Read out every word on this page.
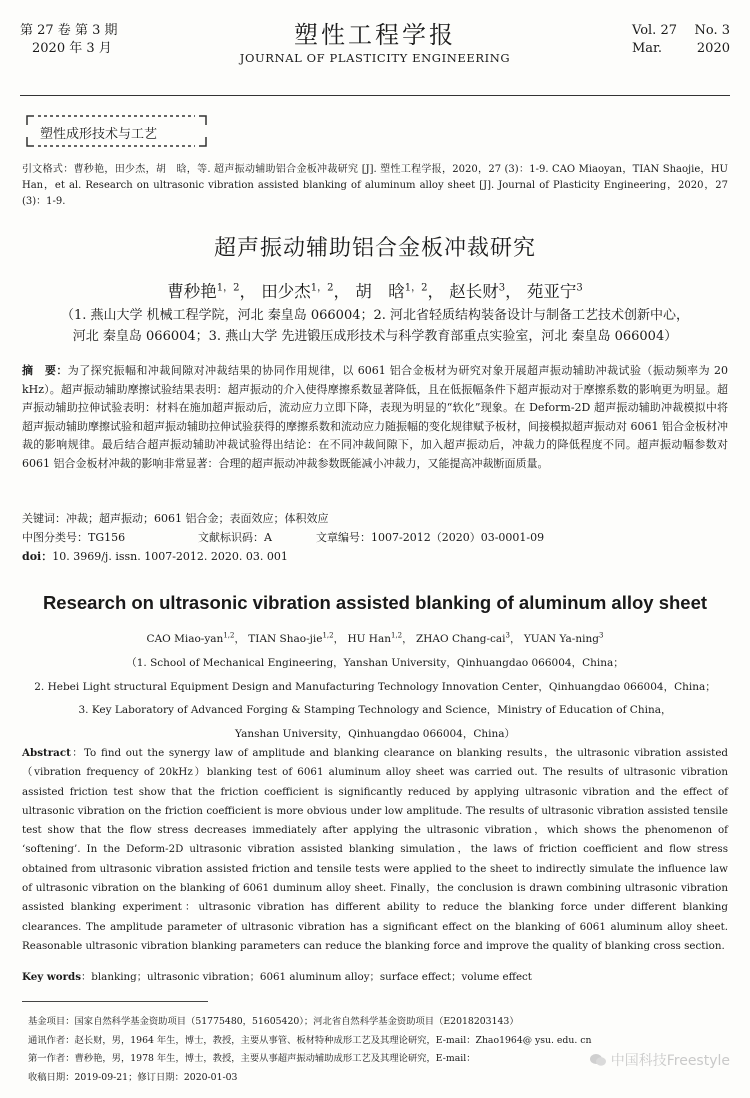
第 27 卷 第 3 期
2020 年 3 月	塑性工程学报
JOURNAL OF PLASTICITY ENGINEERING
Vol. 27 No. 3
Mar.	2020
塑性成形技术与工艺
引文格式：曹秒艳，田少杰，胡　晗，等. 超声振动辅助铝合金板冲裁研究 [J]. 塑性工程学报，2020，27 (3)：1-9. CAO Miaoyan，TIAN Shaojie，HU Han，et al. Research on ultrasonic vibration assisted blanking of aluminum alloy sheet [J]. Journal of Plasticity Engineering，2020，27 (3)：1-9.
超声振动辅助铝合金板冲裁研究
曹秒艳$^{1,2}$， 田少杰$^{1,2}$， 胡　晗$^{1,2}$， 赵长财$^3$， 苑亚宁$^3$
（1. 燕山大学 机械工程学院，河北 秦皇岛 066004；2. 河北省轻质结构装备设计与制备工艺技术创新中心，
河北 秦皇岛 066004；3. 燕山大学 先进锻压成形技术与科学教育部重点实验室，河北 秦皇岛 066004）
摘　要：为了探究振幅和冲裁间隙对冲裁结果的协同作用规律，以 6061 铝合金板材为研究对象开展超声振动辅助冲裁试验（振动频率为 20 kHz）。超声振动辅助摩擦试验结果表明：超声振动的介入使得摩擦系数显著降低，且在低振幅条件下超声振动对于摩擦系数的影响更为明显。超声振动辅助拉伸试验表明：材料在施加超声振动后，流动应力立即下降，表现为明显的“软化”现象。在 Deform-2D 超声振动辅助冲裁模拟中将超声振动辅助摩擦试验和超声振动辅助拉伸试验获得的摩擦系数和流动应力随振幅的变化规律赋予板材，间接模拟超声振动对 6061 铝合金板材冲裁的影响规律。最后结合超声振动辅助冲裁试验得出结论：在不同冲裁间隙下，加入超声振动后，冲裁力的降低程度不同。超声振动幅参数对 6061 铝合金板材冲裁的影响非常显著：合理的超声振动冲裁参数既能减小冲裁力，又能提高冲裁断面质量。
关键词：冲裁；超声振动；6061 铝合金；表面效应；体积效应
中图分类号：TG156	文献标识码：A	文章编号：1007-2012（2020）03-0001-09
doi：10. 3969/j. issn. 1007-2012. 2020. 03. 001
Research on ultrasonic vibration assisted blanking of aluminum alloy sheet
CAO Miao-yan$^{1,2}$， TIAN Shao-jie$^{1,2}$， HU Han$^{1,2}$， ZHAO Chang-cai$^3$， YUAN Ya-ning$^3$
（1. School of Mechanical Engineering，Yanshan University，Qinhuangdao 066004，China；
2. Hebei Light structural Equipment Design and Manufacturing Technology Innovation Center，Qinhuangdao 066004，China；
3. Key Laboratory of Advanced Forging & Stamping Technology and Science，Ministry of Education of China，
Yanshan University，Qinhuangdao 066004，China）
Abstract：To find out the synergy law of amplitude and blanking clearance on blanking results，the ultrasonic vibration assisted（vibration frequency of 20kHz）blanking test of 6061 aluminum alloy sheet was carried out. The results of ultrasonic vibration assisted friction test show that the friction coefficient is significantly reduced by applying ultrasonic vibration and the effect of ultrasonic vibration on the friction coefficient is more obvious under low amplitude. The results of ultrasonic vibration assisted tensile test show that the flow stress decreases immediately after applying the ultrasonic vibration，which shows the phenomenon of ‘softening’. In the Deform-2D ultrasonic vibration assisted blanking simulation，the laws of friction coefficient and flow stress obtained from ultrasonic vibration assisted friction and tensile tests were applied to the sheet to indirectly simulate the influence law of ultrasonic vibration on the blanking of 6061 duminum alloy sheet. Finally，the conclusion is drawn combining ultrasonic vibration assisted blanking experiment：ultrasonic vibration has different ability to reduce the blanking force under different blanking clearances. The amplitude parameter of ultrasonic vibration has a significant effect on the blanking of 6061 aluminum alloy sheet. Reasonable ultrasonic vibration blanking parameters can reduce the blanking force and improve the quality of blanking cross section.
Key words：blanking；ultrasonic vibration；6061 aluminum alloy；surface effect；volume effect
基金项目：国家自然科学基金资助项目（51775480，51605420）；河北省自然科学基金资助项目（E2018203143）
通讯作者：赵长财，男，1964 年生，博士，教授，主要从事管、板材特种成形工艺及其理论研究，E-mail：Zhao1964@ ysu. edu. cn
第一作者：曹秒艳，男，1978 年生，博士，教授，主要从事超声振动辅助成形工艺及其理论研究，E-mail：
收稿日期：2019-09-21；修订日期：2020-01-03
中国科技Freestyle
